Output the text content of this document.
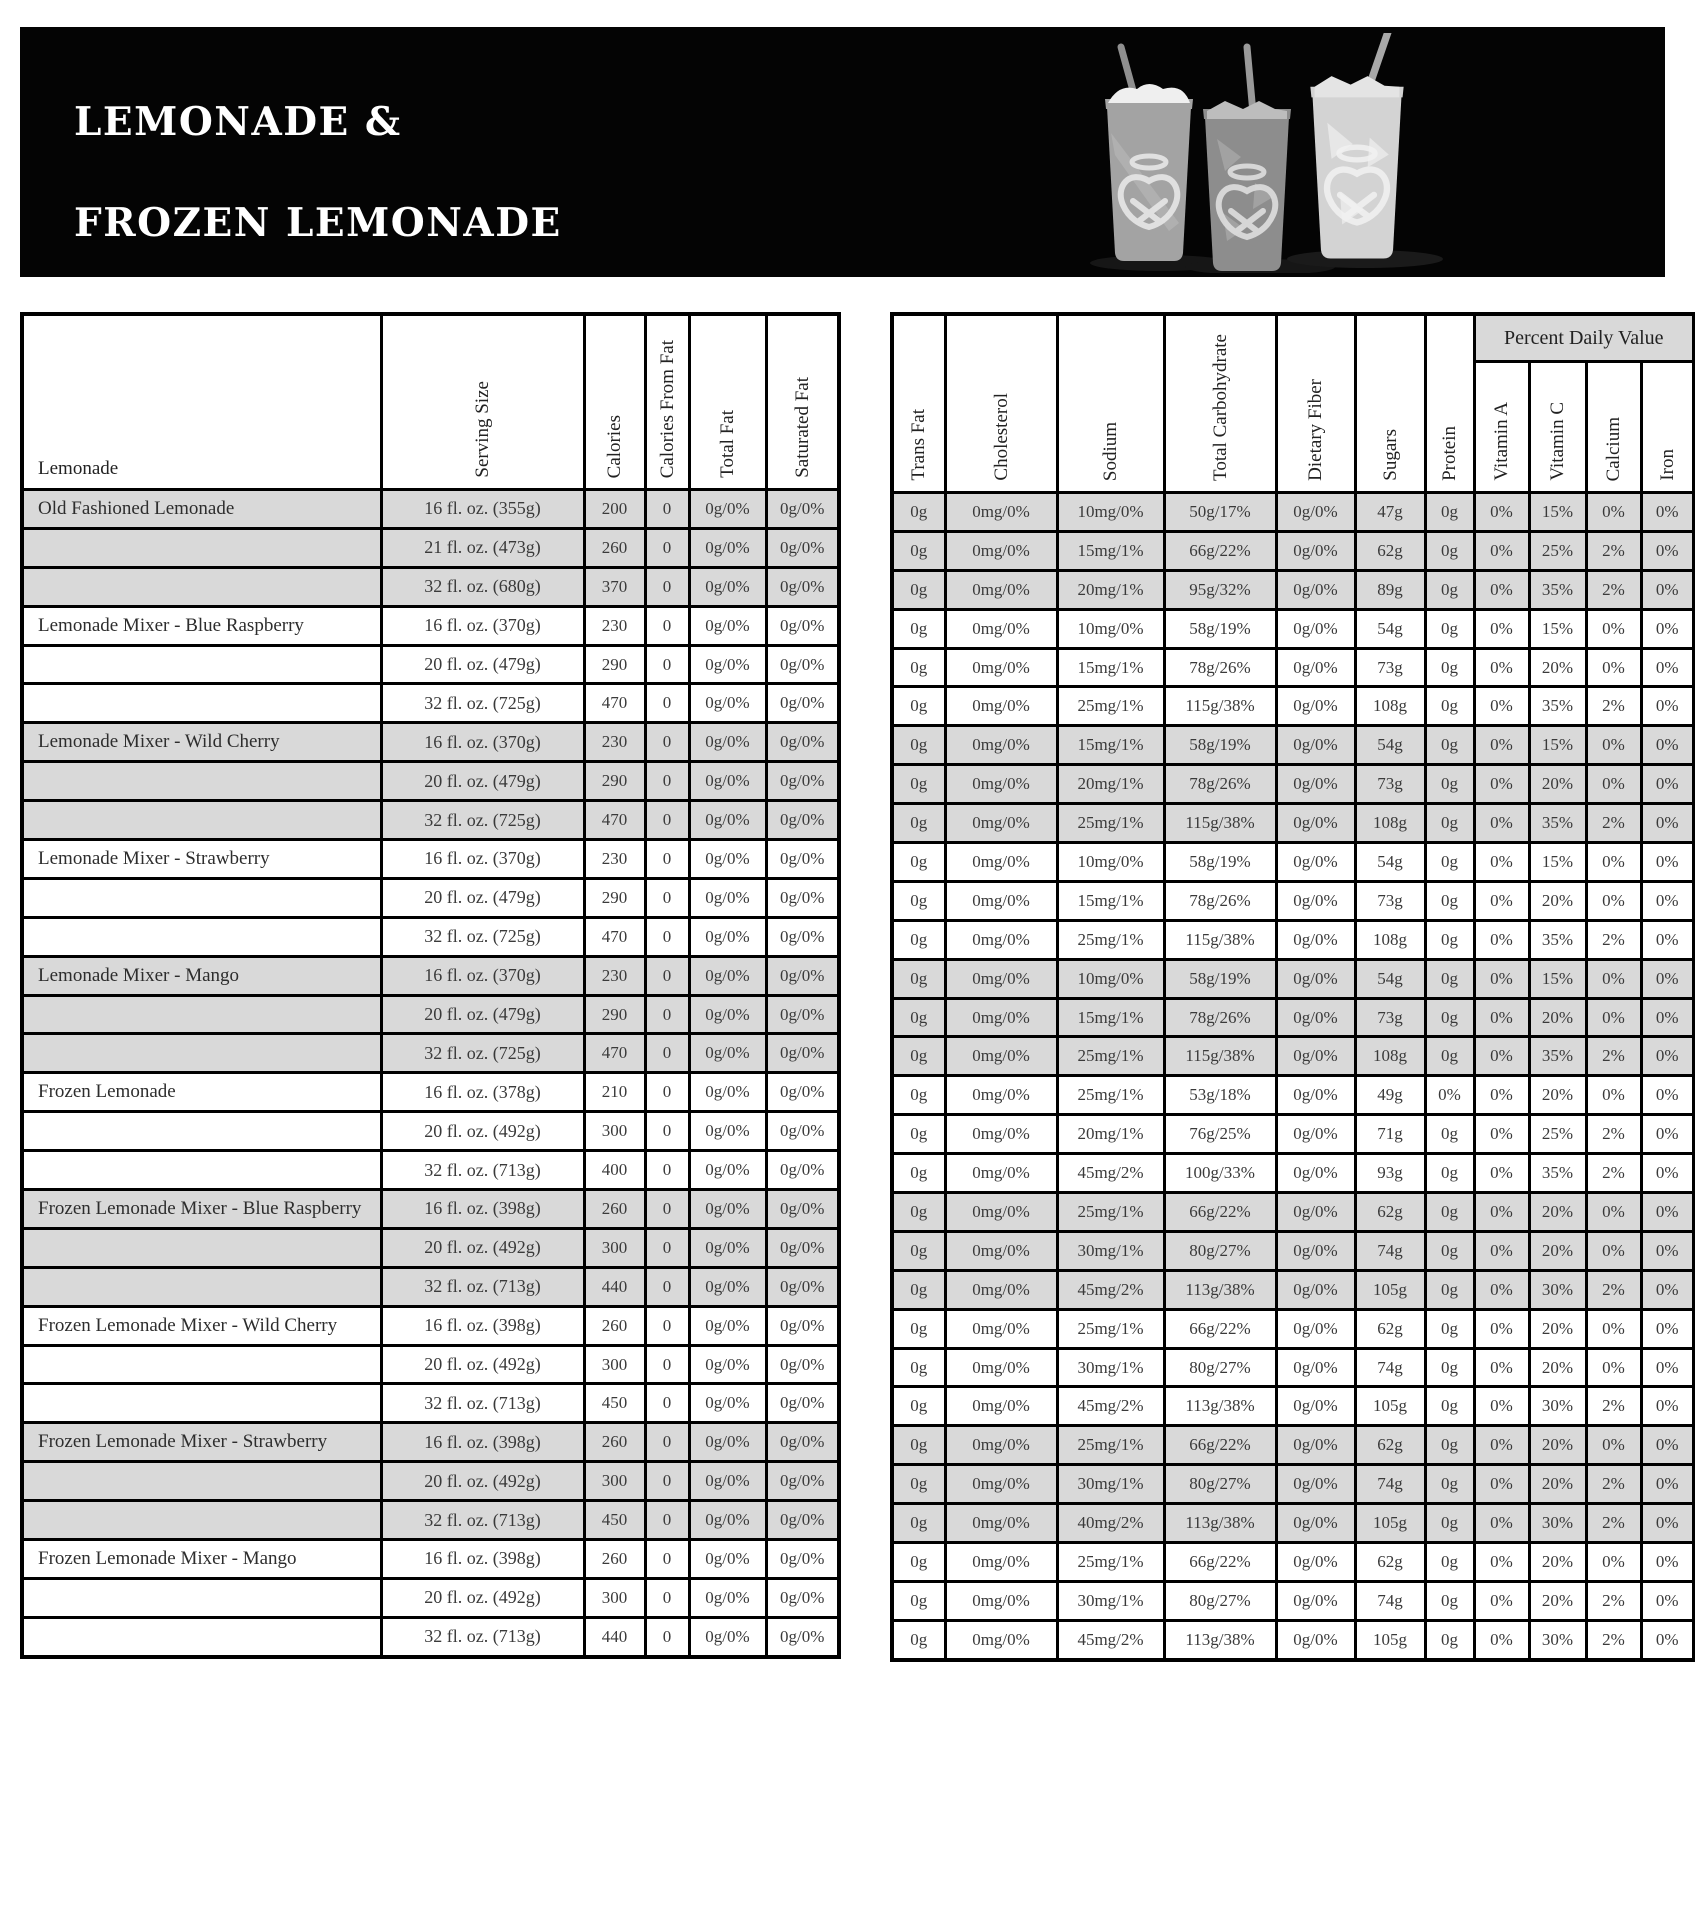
LEMONADE &

FROZEN LEMONADE

Lemonade	Serving Size	Calories	Calories From Fat	Total Fat	Saturated Fat

Old Fashioned Lemonade	16 fl. oz. (355g)	200	0	0g/0%	0g/0%
	21 fl. oz. (473g)	260	0	0g/0%	0g/0%
	32 fl. oz. (680g)	370	0	0g/0%	0g/0%
Lemonade Mixer - Blue Raspberry	16 fl. oz. (370g)	230	0	0g/0%	0g/0%
	20 fl. oz. (479g)	290	0	0g/0%	0g/0%
	32 fl. oz. (725g)	470	0	0g/0%	0g/0%
Lemonade Mixer - Wild Cherry	16 fl. oz. (370g)	230	0	0g/0%	0g/0%
	20 fl. oz. (479g)	290	0	0g/0%	0g/0%
	32 fl. oz. (725g)	470	0	0g/0%	0g/0%
Lemonade Mixer - Strawberry	16 fl. oz. (370g)	230	0	0g/0%	0g/0%
	20 fl. oz. (479g)	290	0	0g/0%	0g/0%
	32 fl. oz. (725g)	470	0	0g/0%	0g/0%
Lemonade Mixer - Mango	16 fl. oz. (370g)	230	0	0g/0%	0g/0%
	20 fl. oz. (479g)	290	0	0g/0%	0g/0%
	32 fl. oz. (725g)	470	0	0g/0%	0g/0%
Frozen Lemonade	16 fl. oz. (378g)	210	0	0g/0%	0g/0%
	20 fl. oz. (492g)	300	0	0g/0%	0g/0%
	32 fl. oz. (713g)	400	0	0g/0%	0g/0%
Frozen Lemonade Mixer - Blue Raspberry	16 fl. oz. (398g)	260	0	0g/0%	0g/0%
	20 fl. oz. (492g)	300	0	0g/0%	0g/0%
	32 fl. oz. (713g)	440	0	0g/0%	0g/0%
Frozen Lemonade Mixer - Wild Cherry	16 fl. oz. (398g)	260	0	0g/0%	0g/0%
	20 fl. oz. (492g)	300	0	0g/0%	0g/0%
	32 fl. oz. (713g)	450	0	0g/0%	0g/0%
Frozen Lemonade Mixer - Strawberry	16 fl. oz. (398g)	260	0	0g/0%	0g/0%
	20 fl. oz. (492g)	300	0	0g/0%	0g/0%
	32 fl. oz. (713g)	450	0	0g/0%	0g/0%
Frozen Lemonade Mixer - Mango	16 fl. oz. (398g)	260	0	0g/0%	0g/0%
	20 fl. oz. (492g)	300	0	0g/0%	0g/0%
	32 fl. oz. (713g)	440	0	0g/0%	0g/0%
Trans Fat	Cholesterol	Sodium	Total Carbohydrate	Dietary Fiber	Sugars	Protein	Percent Daily Value			

							Vitamin A	Vitamin C	Calcium	Iron

0g	0mg/0%	10mg/0%	50g/17%	0g/0%	47g	0g	0%	15%	0%	0%
0g	0mg/0%	15mg/1%	66g/22%	0g/0%	62g	0g	0%	25%	2%	0%
0g	0mg/0%	20mg/1%	95g/32%	0g/0%	89g	0g	0%	35%	2%	0%
0g	0mg/0%	10mg/0%	58g/19%	0g/0%	54g	0g	0%	15%	0%	0%
0g	0mg/0%	15mg/1%	78g/26%	0g/0%	73g	0g	0%	20%	0%	0%
0g	0mg/0%	25mg/1%	115g/38%	0g/0%	108g	0g	0%	35%	2%	0%
0g	0mg/0%	15mg/1%	58g/19%	0g/0%	54g	0g	0%	15%	0%	0%
0g	0mg/0%	20mg/1%	78g/26%	0g/0%	73g	0g	0%	20%	0%	0%
0g	0mg/0%	25mg/1%	115g/38%	0g/0%	108g	0g	0%	35%	2%	0%
0g	0mg/0%	10mg/0%	58g/19%	0g/0%	54g	0g	0%	15%	0%	0%
0g	0mg/0%	15mg/1%	78g/26%	0g/0%	73g	0g	0%	20%	0%	0%
0g	0mg/0%	25mg/1%	115g/38%	0g/0%	108g	0g	0%	35%	2%	0%
0g	0mg/0%	10mg/0%	58g/19%	0g/0%	54g	0g	0%	15%	0%	0%
0g	0mg/0%	15mg/1%	78g/26%	0g/0%	73g	0g	0%	20%	0%	0%
0g	0mg/0%	25mg/1%	115g/38%	0g/0%	108g	0g	0%	35%	2%	0%
0g	0mg/0%	25mg/1%	53g/18%	0g/0%	49g	0%	0%	20%	0%	0%
0g	0mg/0%	20mg/1%	76g/25%	0g/0%	71g	0g	0%	25%	2%	0%
0g	0mg/0%	45mg/2%	100g/33%	0g/0%	93g	0g	0%	35%	2%	0%
0g	0mg/0%	25mg/1%	66g/22%	0g/0%	62g	0g	0%	20%	0%	0%
0g	0mg/0%	30mg/1%	80g/27%	0g/0%	74g	0g	0%	20%	0%	0%
0g	0mg/0%	45mg/2%	113g/38%	0g/0%	105g	0g	0%	30%	2%	0%
0g	0mg/0%	25mg/1%	66g/22%	0g/0%	62g	0g	0%	20%	0%	0%
0g	0mg/0%	30mg/1%	80g/27%	0g/0%	74g	0g	0%	20%	0%	0%
0g	0mg/0%	45mg/2%	113g/38%	0g/0%	105g	0g	0%	30%	2%	0%
0g	0mg/0%	25mg/1%	66g/22%	0g/0%	62g	0g	0%	20%	0%	0%
0g	0mg/0%	30mg/1%	80g/27%	0g/0%	74g	0g	0%	20%	2%	0%
0g	0mg/0%	40mg/2%	113g/38%	0g/0%	105g	0g	0%	30%	2%	0%
0g	0mg/0%	25mg/1%	66g/22%	0g/0%	62g	0g	0%	20%	0%	0%
0g	0mg/0%	30mg/1%	80g/27%	0g/0%	74g	0g	0%	20%	2%	0%
0g	0mg/0%	45mg/2%	113g/38%	0g/0%	105g	0g	0%	30%	2%	0%
